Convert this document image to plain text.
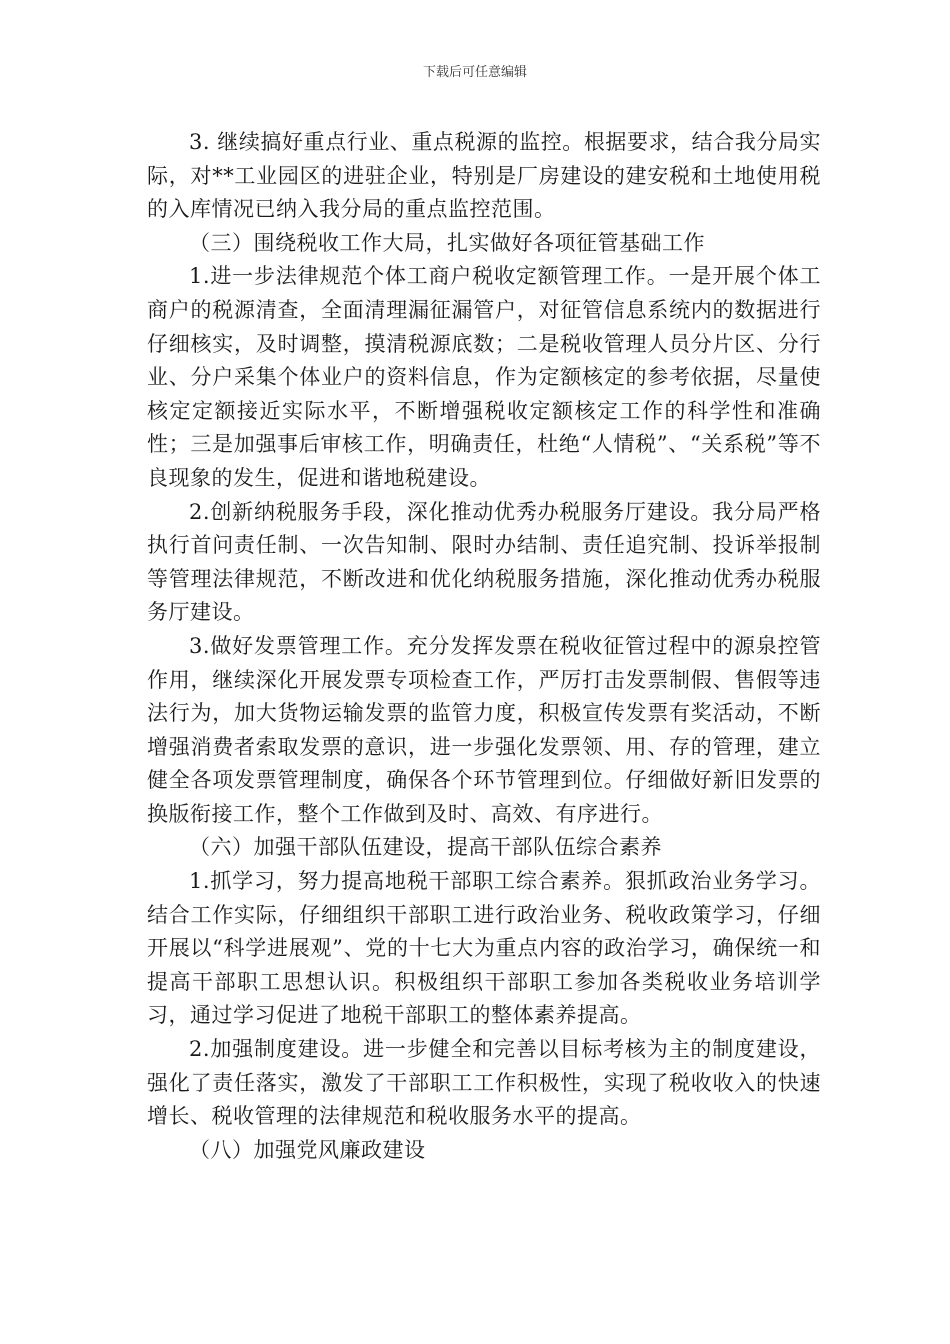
下载后可任意编辑

3. 继续搞好重点行业、重点税源的监控。根据要求，结合我分局实际，对**工业园区的进驻企业，特别是厂房建设的建安税和土地使用税的入库情况已纳入我分局的重点监控范围。

（三）围绕税收工作大局，扎实做好各项征管基础工作

1.进一步法律规范个体工商户税收定额管理工作。一是开展个体工商户的税源清查，全面清理漏征漏管户，对征管信息系统内的数据进行仔细核实，及时调整，摸清税源底数；二是税收管理人员分片区、分行业、分户采集个体业户的资料信息，作为定额核定的参考依据，尽量使核定定额接近实际水平，不断增强税收定额核定工作的科学性和准确性；三是加强事后审核工作，明确责任，杜绝“人情税”、“关系税”等不良现象的发生，促进和谐地税建设。

2.创新纳税服务手段，深化推动优秀办税服务厅建设。我分局严格执行首问责任制、一次告知制、限时办结制、责任追究制、投诉举报制等管理法律规范，不断改进和优化纳税服务措施，深化推动优秀办税服务厅建设。

3.做好发票管理工作。充分发挥发票在税收征管过程中的源泉控管作用，继续深化开展发票专项检查工作，严厉打击发票制假、售假等违法行为，加大货物运输发票的监管力度，积极宣传发票有奖活动，不断增强消费者索取发票的意识，进一步强化发票领、用、存的管理，建立健全各项发票管理制度，确保各个环节管理到位。仔细做好新旧发票的换版衔接工作，整个工作做到及时、高效、有序进行。

（六）加强干部队伍建设，提高干部队伍综合素养

1.抓学习，努力提高地税干部职工综合素养。狠抓政治业务学习。结合工作实际，仔细组织干部职工进行政治业务、税收政策学习，仔细开展以“科学进展观”、党的十七大为重点内容的政治学习，确保统一和提高干部职工思想认识。积极组织干部职工参加各类税收业务培训学习，通过学习促进了地税干部职工的整体素养提高。

2.加强制度建设。进一步健全和完善以目标考核为主的制度建设，强化了责任落实，激发了干部职工工作积极性，实现了税收收入的快速增长、税收管理的法律规范和税收服务水平的提高。

（八）加强党风廉政建设
